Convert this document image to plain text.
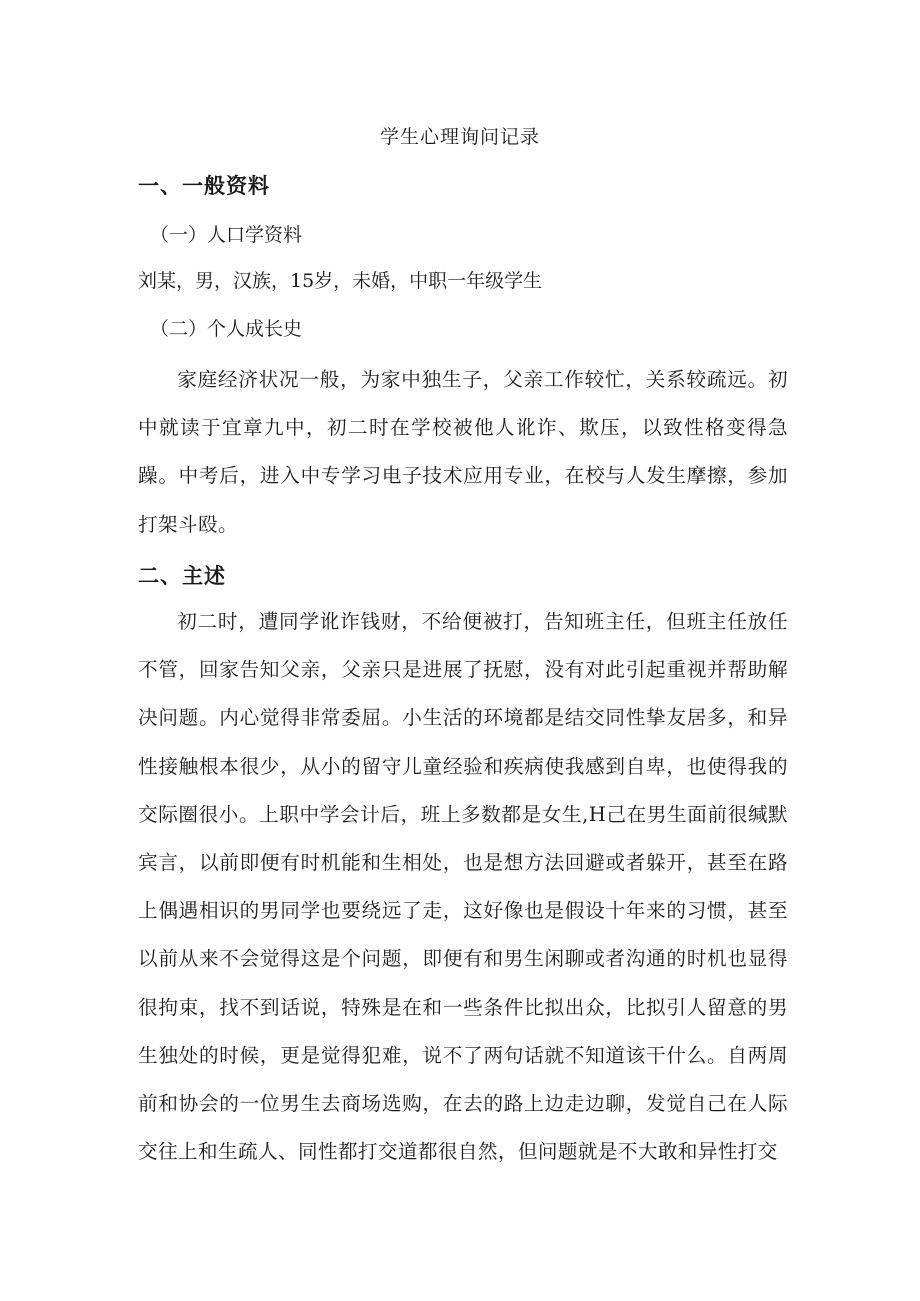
学生心理询问记录
一、一般资料
（一）人口学资料
刘某，男，汉族，15岁，未婚，中职一年级学生
（二）个人成长史
家庭经济状况一般，为家中独生子，父亲工作较忙，关系较疏远。初中就读于宜章九中，初二时在学校被他人讹诈、欺压，以致性格变得急躁。中考后，进入中专学习电子技术应用专业，在校与人发生摩擦，参加打架斗殴。
二、主述
初二时，遭同学讹诈钱财，不给便被打，告知班主任，但班主任放任不管，回家告知父亲，父亲只是进展了抚慰，没有对此引起重视并帮助解决问题。内心觉得非常委屈。小生活的环境都是结交同性挚友居多，和异性接触根本很少，从小的留守儿童经验和疾病使我感到自卑，也使得我的交际圈很小。上职中学会计后，班上多数都是女生,H己在男生面前很缄默宾言，以前即便有时机能和生相处，也是想方法回避或者躲开，甚至在路上偶遇相识的男同学也要绕远了走，这好像也是假设十年来的习惯，甚至以前从来不会觉得这是个问题，即便有和男生闲聊或者沟通的时机也显得很拘束，找不到话说，特殊是在和一些条件比拟出众，比拟引人留意的男生独处的时候，更是觉得犯难，说不了两句话就不知道该干什么。自两周前和协会的一位男生去商场选购，在去的路上边走边聊，发觉自己在人际交往上和生疏人、同性都打交道都很自然，但问题就是不大敢和异性打交
